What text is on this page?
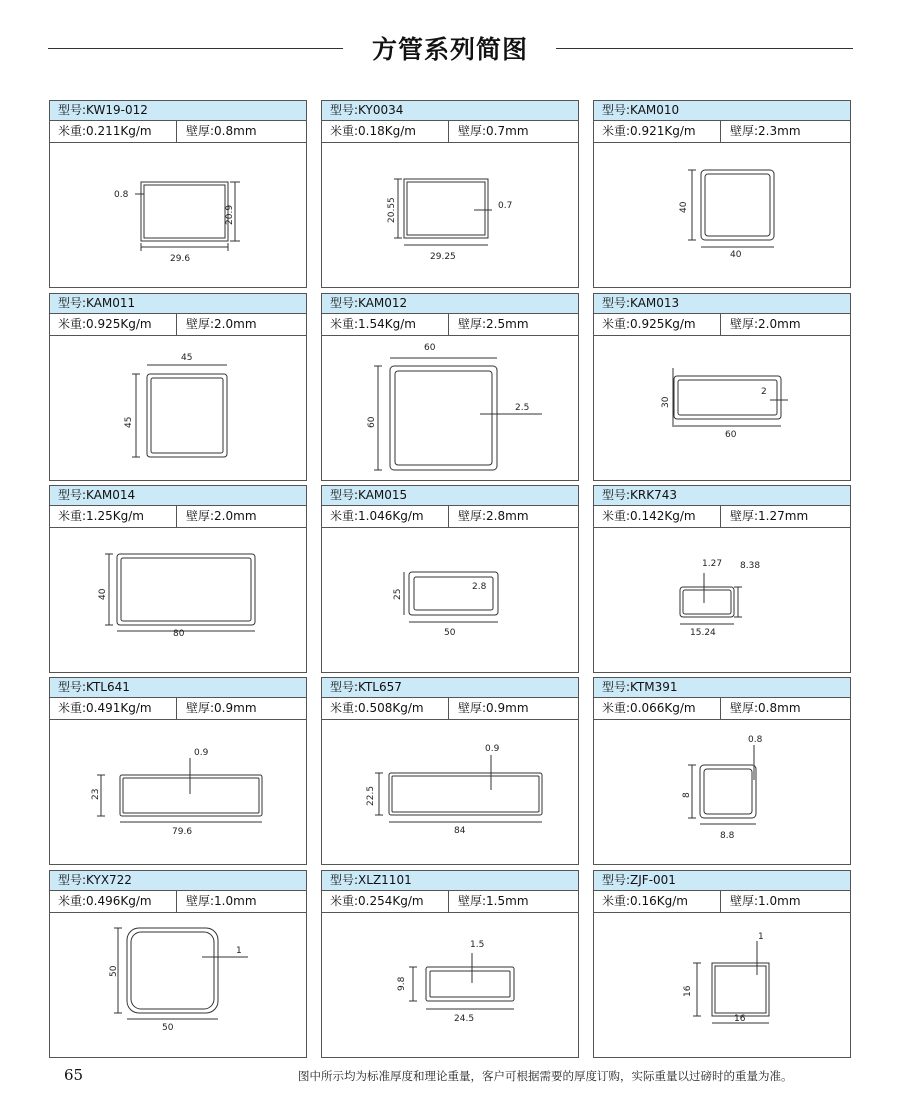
方管系列简图
型号:KW19-012
米重:0.211Kg/m	壁厚:0.8mm
0.8
20.9
29.6
型号:KY0034
米重:0.18Kg/m	壁厚:0.7mm
20.55	0.7
29.25
型号:KAM010
米重:0.921Kg/m	壁厚:2.3mm
40
40
型号:KAM011
米重:0.925Kg/m	壁厚:2.0mm
45
45
型号:KAM012
米重:1.54Kg/m	壁厚:2.5mm
60
2.5
60
型号:KAM013
米重:0.925Kg/m	壁厚:2.0mm
30
2
60
型号:KAM014
米重:1.25Kg/m	壁厚:2.0mm
40
80
型号:KAM015
米重:1.046Kg/m	壁厚:2.8mm
25
2.8
50
型号:KRK743
米重:0.142Kg/m	壁厚:1.27mm
1.27 8.38
15.24
型号:KTL641
米重:0.491Kg/m	壁厚:0.9mm
0.9
23
79.6
型号:KTL657
米重:0.508Kg/m	壁厚:0.9mm
0.9
22.5
84
型号:KTM391
米重:0.066Kg/m	壁厚:0.8mm
0.8
8
8.8
型号:KYX722
米重:0.496Kg/m	壁厚:1.0mm
1
50
50
型号:XLZ1101
米重:0.254Kg/m	壁厚:1.5mm
1.5
9.8
24.5
型号:ZJF-001
米重:0.16Kg/m	壁厚:1.0mm
1
16
16
65	图中所示均为标准厚度和理论重量，客户可根据需要的厚度订购，实际重量以过磅时的重量为准。
